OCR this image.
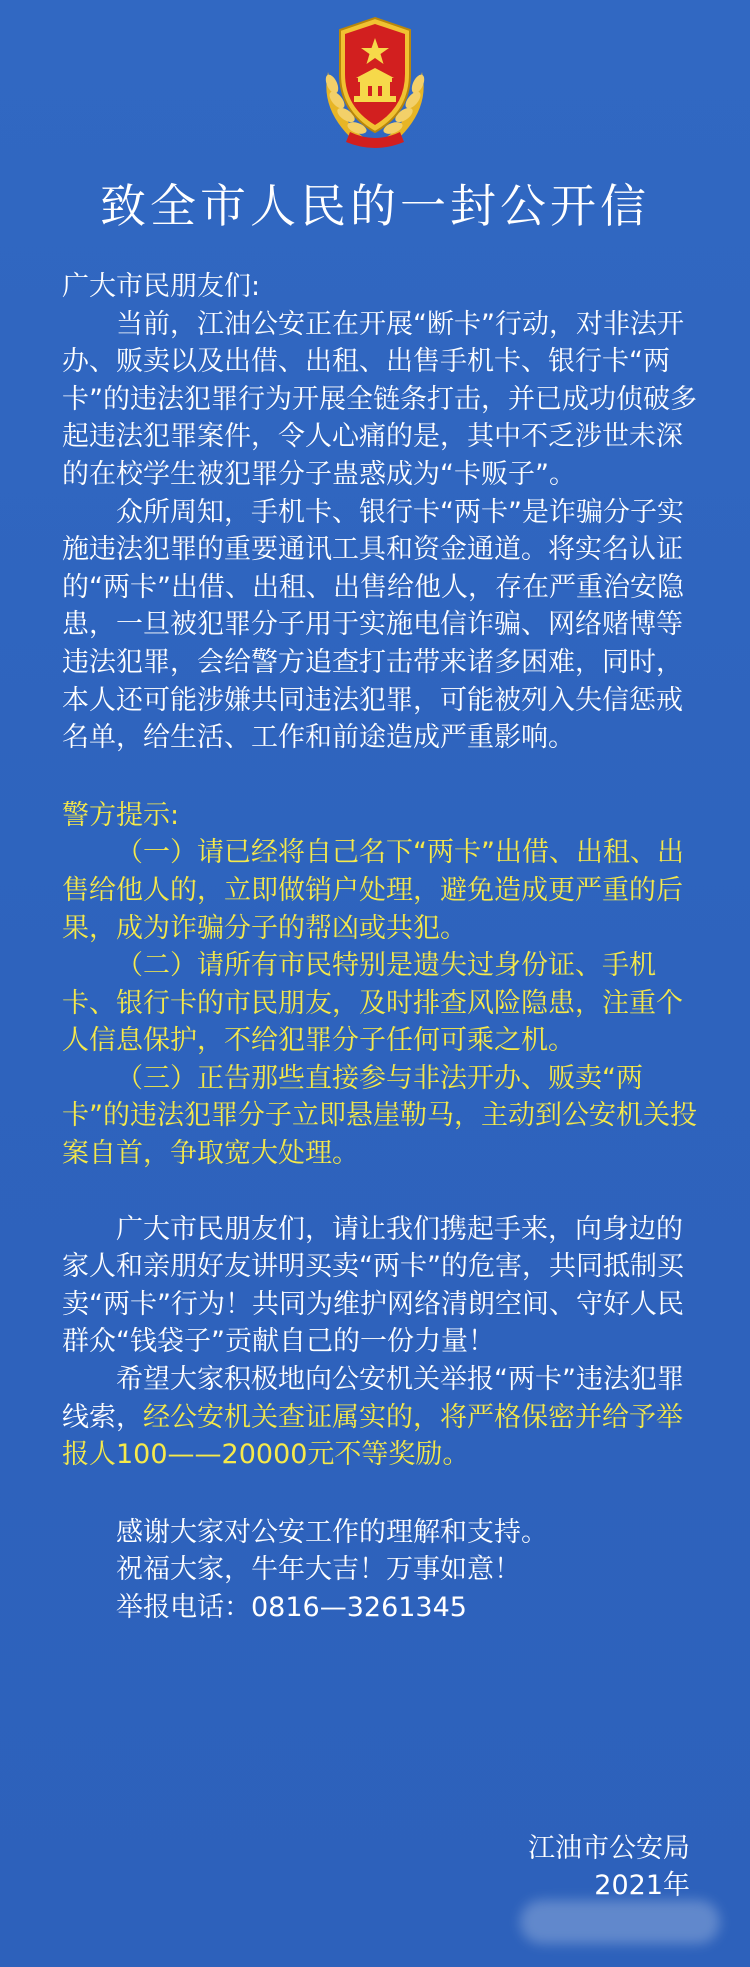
致全市人民的一封公开信

广大市民朋友们:

当前，江油公安正在开展“断卡”行动，对非法开办、贩卖以及出借、出租、出售手机卡、银行卡“两卡”的违法犯罪行为开展全链条打击，并已成功侦破多起违法犯罪案件，令人心痛的是，其中不乏涉世未深的在校学生被犯罪分子蛊惑成为“卡贩子”。

众所周知，手机卡、银行卡“两卡”是诈骗分子实施违法犯罪的重要通讯工具和资金通道。将实名认证的“两卡”出借、出租、出售给他人，存在严重治安隐患，一旦被犯罪分子用于实施电信诈骗、网络赌博等违法犯罪，会给警方追查打击带来诸多困难，同时，本人还可能涉嫌共同违法犯罪，可能被列入失信惩戒名单，给生活、工作和前途造成严重影响。

警方提示:

（一）请已经将自己名下“两卡”出借、出租、出售给他人的，立即做销户处理，避免造成更严重的后果，成为诈骗分子的帮凶或共犯。

（二）请所有市民特别是遗失过身份证、手机卡、银行卡的市民朋友，及时排查风险隐患，注重个人信息保护，不给犯罪分子任何可乘之机。

（三）正告那些直接参与非法开办、贩卖“两卡”的违法犯罪分子立即悬崖勒马，主动到公安机关投案自首，争取宽大处理。

广大市民朋友们，请让我们携起手来，向身边的家人和亲朋好友讲明买卖“两卡”的危害，共同抵制买卖“两卡”行为！共同为维护网络清朗空间、守好人民群众“钱袋子”贡献自己的一份力量！

希望大家积极地向公安机关举报“两卡”违法犯罪线索，经公安机关查证属实的，将严格保密并给予举报人100——20000元不等奖励。

感谢大家对公安工作的理解和支持。

祝福大家，牛年大吉！万事如意！

举报电话：0816—3261345

江油市公安局
2021年
